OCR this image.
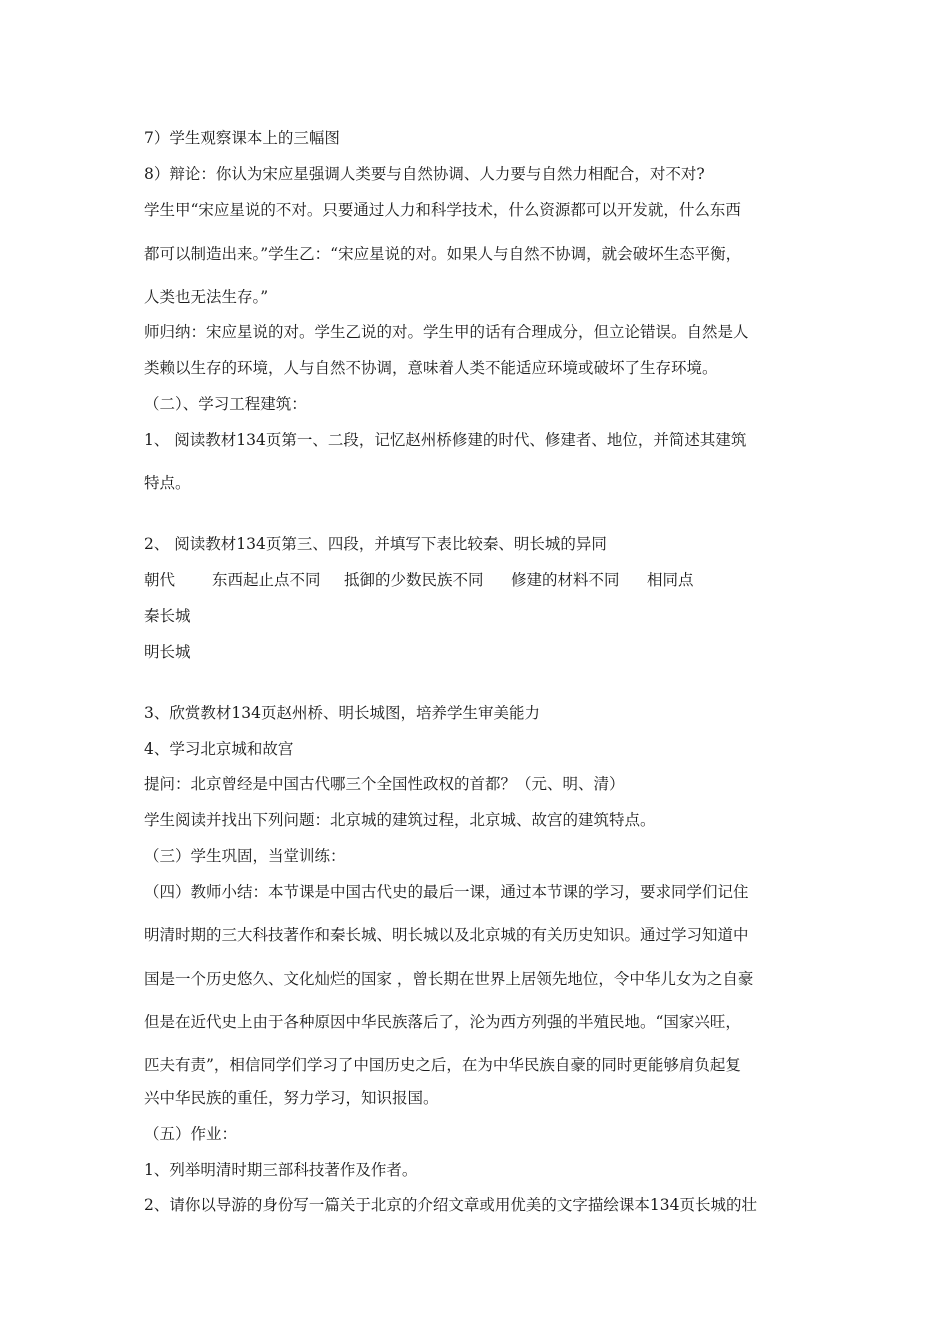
7）学生观察课本上的三幅图
8）辩论：你认为宋应星强调人类要与自然协调、人力要与自然力相配合，对不对?
学生甲“宋应星说的不对。只要通过人力和科学技术，什么资源都可以开发就，什么东西
都可以制造出来。”学生乙：“宋应星说的对。如果人与自然不协调，就会破坏生态平衡，
人类也无法生存。”
师归纳：宋应星说的对。学生乙说的对。学生甲的话有合理成分，但立论错误。自然是人
类赖以生存的环境，人与自然不协调，意味着人类不能适应环境或破坏了生存环境。
（二）、学习工程建筑：
1、 阅读教材134页第一、二段，记忆赵州桥修建的时代、修建者、地位，并简述其建筑
特点。
2、 阅读教材134页第三、四段，并填写下表比较秦、明长城的异同
朝代 东西起止点不同 抵御的少数民族不同 修建的材料不同 相同点
秦长城
明长城
3、欣赏教材134页赵州桥、明长城图，培养学生审美能力
4、学习北京城和故宫
提问：北京曾经是中国古代哪三个全国性政权的首都？（元、明、清）
学生阅读并找出下列问题：北京城的建筑过程，北京城、故宫的建筑特点。
（三）学生巩固，当堂训练：
（四）教师小结：本节课是中国古代史的最后一课，通过本节课的学习，要求同学们记住
明清时期的三大科技著作和秦长城、明长城以及北京城的有关历史知识。通过学习知道中
国是一个历史悠久、文化灿烂的国家 ，曾长期在世界上居领先地位，令中华儿女为之自豪
但是在近代史上由于各种原因中华民族落后了，沦为西方列强的半殖民地。“国家兴旺，
匹夫有责”，相信同学们学习了中国历史之后，在为中华民族自豪的同时更能够肩负起复
兴中华民族的重任，努力学习，知识报国。
（五）作业：
1、列举明清时期三部科技著作及作者。
2、请你以导游的身份写一篇关于北京的介绍文章或用优美的文字描绘课本134页长城的壮
